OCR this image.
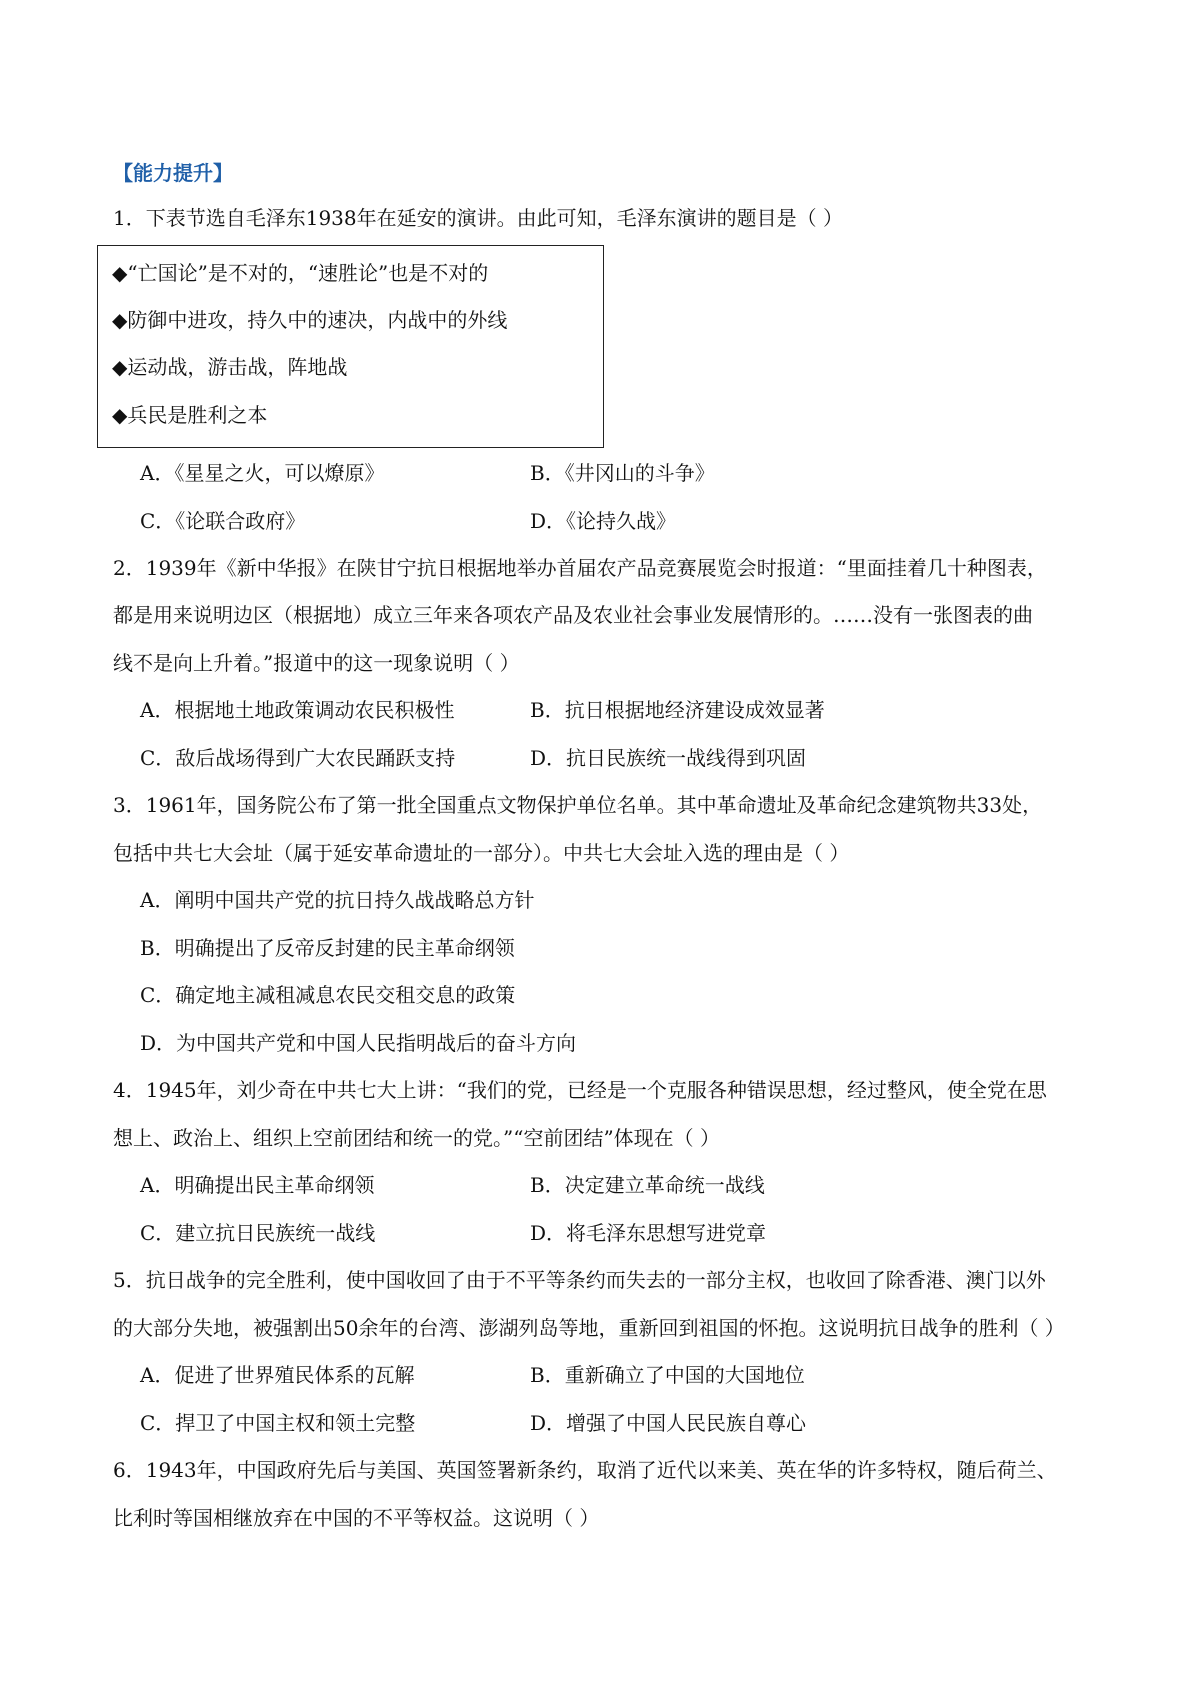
【能力提升】
1．下表节选自毛泽东1938年在延安的演讲。由此可知，毛泽东演讲的题目是（ ）
◆“亡国论”是不对的，“速胜论”也是不对的
◆防御中进攻，持久中的速决，内战中的外线
◆运动战，游击战，阵地战
◆兵民是胜利之本
A．《星星之火，可以燎原》	B．《井冈山的斗争》
C．《论联合政府》	D．《论持久战》
2．1939年《新中华报》在陕甘宁抗日根据地举办首届农产品竞赛展览会时报道：“里面挂着几十种图表，
都是用来说明边区（根据地）成立三年来各项农产品及农业社会事业发展情形的。……没有一张图表的曲
线不是向上升着。”报道中的这一现象说明（ ）
A．根据地土地政策调动农民积极性	B．抗日根据地经济建设成效显著
C．敌后战场得到广大农民踊跃支持	D．抗日民族统一战线得到巩固
3．1961年，国务院公布了第一批全国重点文物保护单位名单。其中革命遗址及革命纪念建筑物共33处，
包括中共七大会址（属于延安革命遗址的一部分）。中共七大会址入选的理由是（ ）
A．阐明中国共产党的抗日持久战战略总方针
B．明确提出了反帝反封建的民主革命纲领
C．确定地主减租减息农民交租交息的政策
D．为中国共产党和中国人民指明战后的奋斗方向
4．1945年，刘少奇在中共七大上讲：“我们的党，已经是一个克服各种错误思想，经过整风，使全党在思
想上、政治上、组织上空前团结和统一的党。”“空前团结”体现在（ ）
A．明确提出民主革命纲领	B．决定建立革命统一战线
C．建立抗日民族统一战线	D．将毛泽东思想写进党章
5．抗日战争的完全胜利，使中国收回了由于不平等条约而失去的一部分主权，也收回了除香港、澳门以外
的大部分失地，被强割出50余年的台湾、澎湖列岛等地，重新回到祖国的怀抱。这说明抗日战争的胜利（ ）
A．促进了世界殖民体系的瓦解	B．重新确立了中国的大国地位
C．捍卫了中国主权和领土完整	D．增强了中国人民民族自尊心
6．1943年，中国政府先后与美国、英国签署新条约，取消了近代以来美、英在华的许多特权，随后荷兰、
比利时等国相继放弃在中国的不平等权益。这说明（ ）
